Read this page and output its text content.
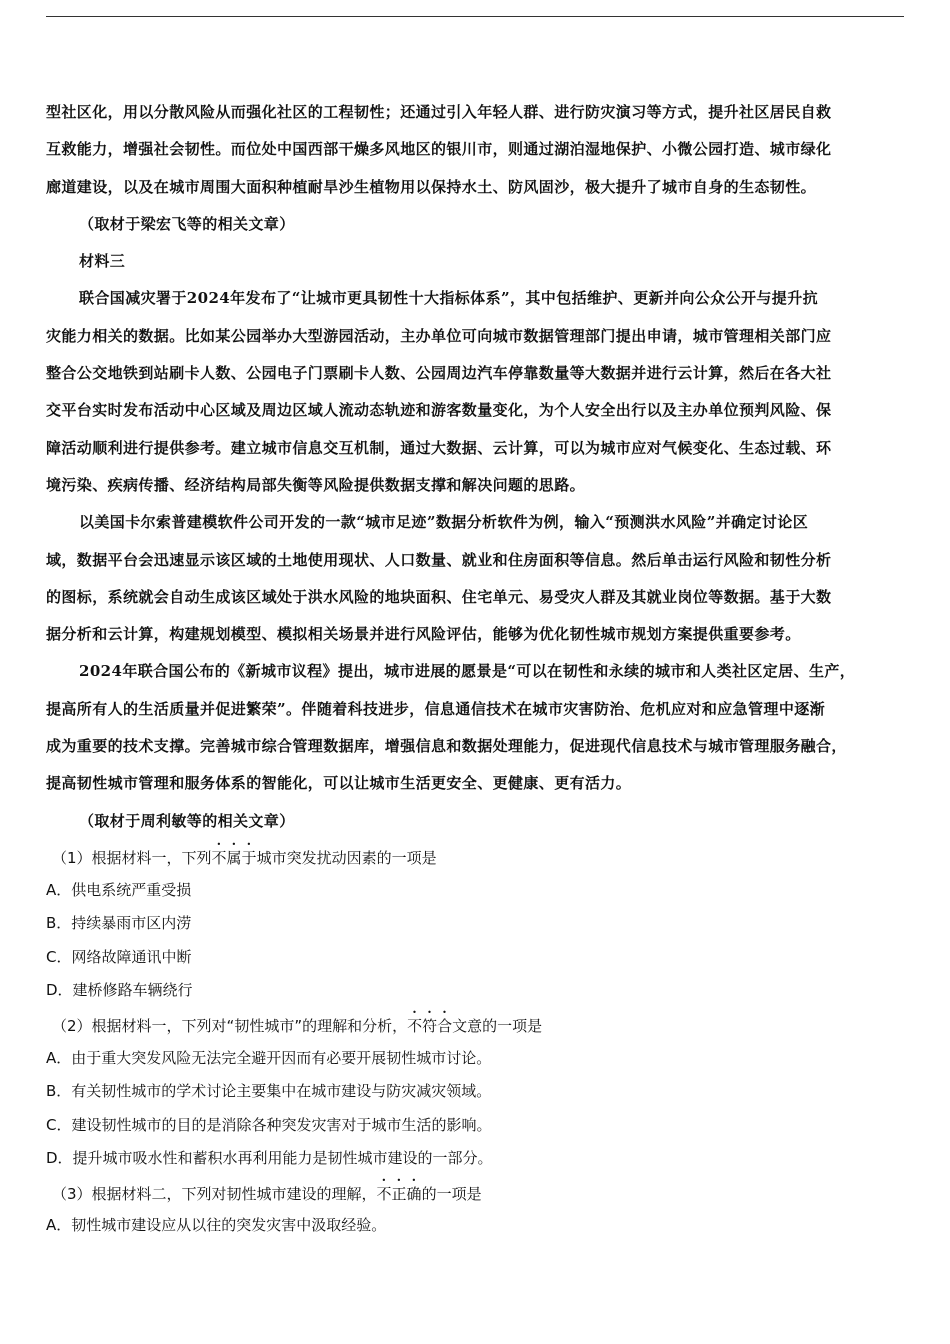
型社区化，用以分散风险从而强化社区的工程韧性；还通过引入年轻人群、进行防灾演习等方式，提升社区居民自救
互救能力，增强社会韧性。而位处中国西部干燥多风地区的银川市，则通过湖泊湿地保护、小微公园打造、城市绿化
廊道建设，以及在城市周围大面积种植耐旱沙生植物用以保持水土、防风固沙，极大提升了城市自身的生态韧性。
（取材于梁宏飞等的相关文章）
材料三
联合国减灾署于2024年发布了“让城市更具韧性十大指标体系”，其中包括维护、更新并向公众公开与提升抗
灾能力相关的数据。比如某公园举办大型游园活动，主办单位可向城市数据管理部门提出申请，城市管理相关部门应
整合公交地铁到站刷卡人数、公园电子门票刷卡人数、公园周边汽车停靠数量等大数据并进行云计算，然后在各大社
交平台实时发布活动中心区域及周边区域人流动态轨迹和游客数量变化，为个人安全出行以及主办单位预判风险、保
障活动顺利进行提供参考。建立城市信息交互机制，通过大数据、云计算，可以为城市应对气候变化、生态过载、环
境污染、疾病传播、经济结构局部失衡等风险提供数据支撑和解决问题的思路。
以美国卡尔索普建模软件公司开发的一款“城市足迹”数据分析软件为例，输入“预测洪水风险”并确定讨论区
域，数据平台会迅速显示该区域的土地使用现状、人口数量、就业和住房面积等信息。然后单击运行风险和韧性分析
的图标，系统就会自动生成该区域处于洪水风险的地块面积、住宅单元、易受灾人群及其就业岗位等数据。基于大数
据分析和云计算，构建规划模型、模拟相关场景并进行风险评估，能够为优化韧性城市规划方案提供重要参考。
2024年联合国公布的《新城市议程》提出，城市进展的愿景是“可以在韧性和永续的城市和人类社区定居、生产，
提高所有人的生活质量并促进繁荣”。伴随着科技进步，信息通信技术在城市灾害防治、危机应对和应急管理中逐渐
成为重要的技术支撑。完善城市综合管理数据库，增强信息和数据处理能力，促进现代信息技术与城市管理服务融合，
提高韧性城市管理和服务体系的智能化，可以让城市生活更安全、更健康、更有活力。
（取材于周利敏等的相关文章）
（1）根据材料一，下列不属于城市突发扰动因素的一项是
A．供电系统严重受损
B．持续暴雨市区内涝
C．网络故障通讯中断
D．建桥修路车辆绕行
（2）根据材料一，下列对“韧性城市”的理解和分析，不符合文意的一项是
A．由于重大突发风险无法完全避开因而有必要开展韧性城市讨论。
B．有关韧性城市的学术讨论主要集中在城市建设与防灾减灾领域。
C．建设韧性城市的目的是消除各种突发灾害对于城市生活的影响。
D．提升城市吸水性和蓄积水再利用能力是韧性城市建设的一部分。
（3）根据材料二，下列对韧性城市建设的理解，不正确的一项是
A．韧性城市建设应从以往的突发灾害中汲取经验。
